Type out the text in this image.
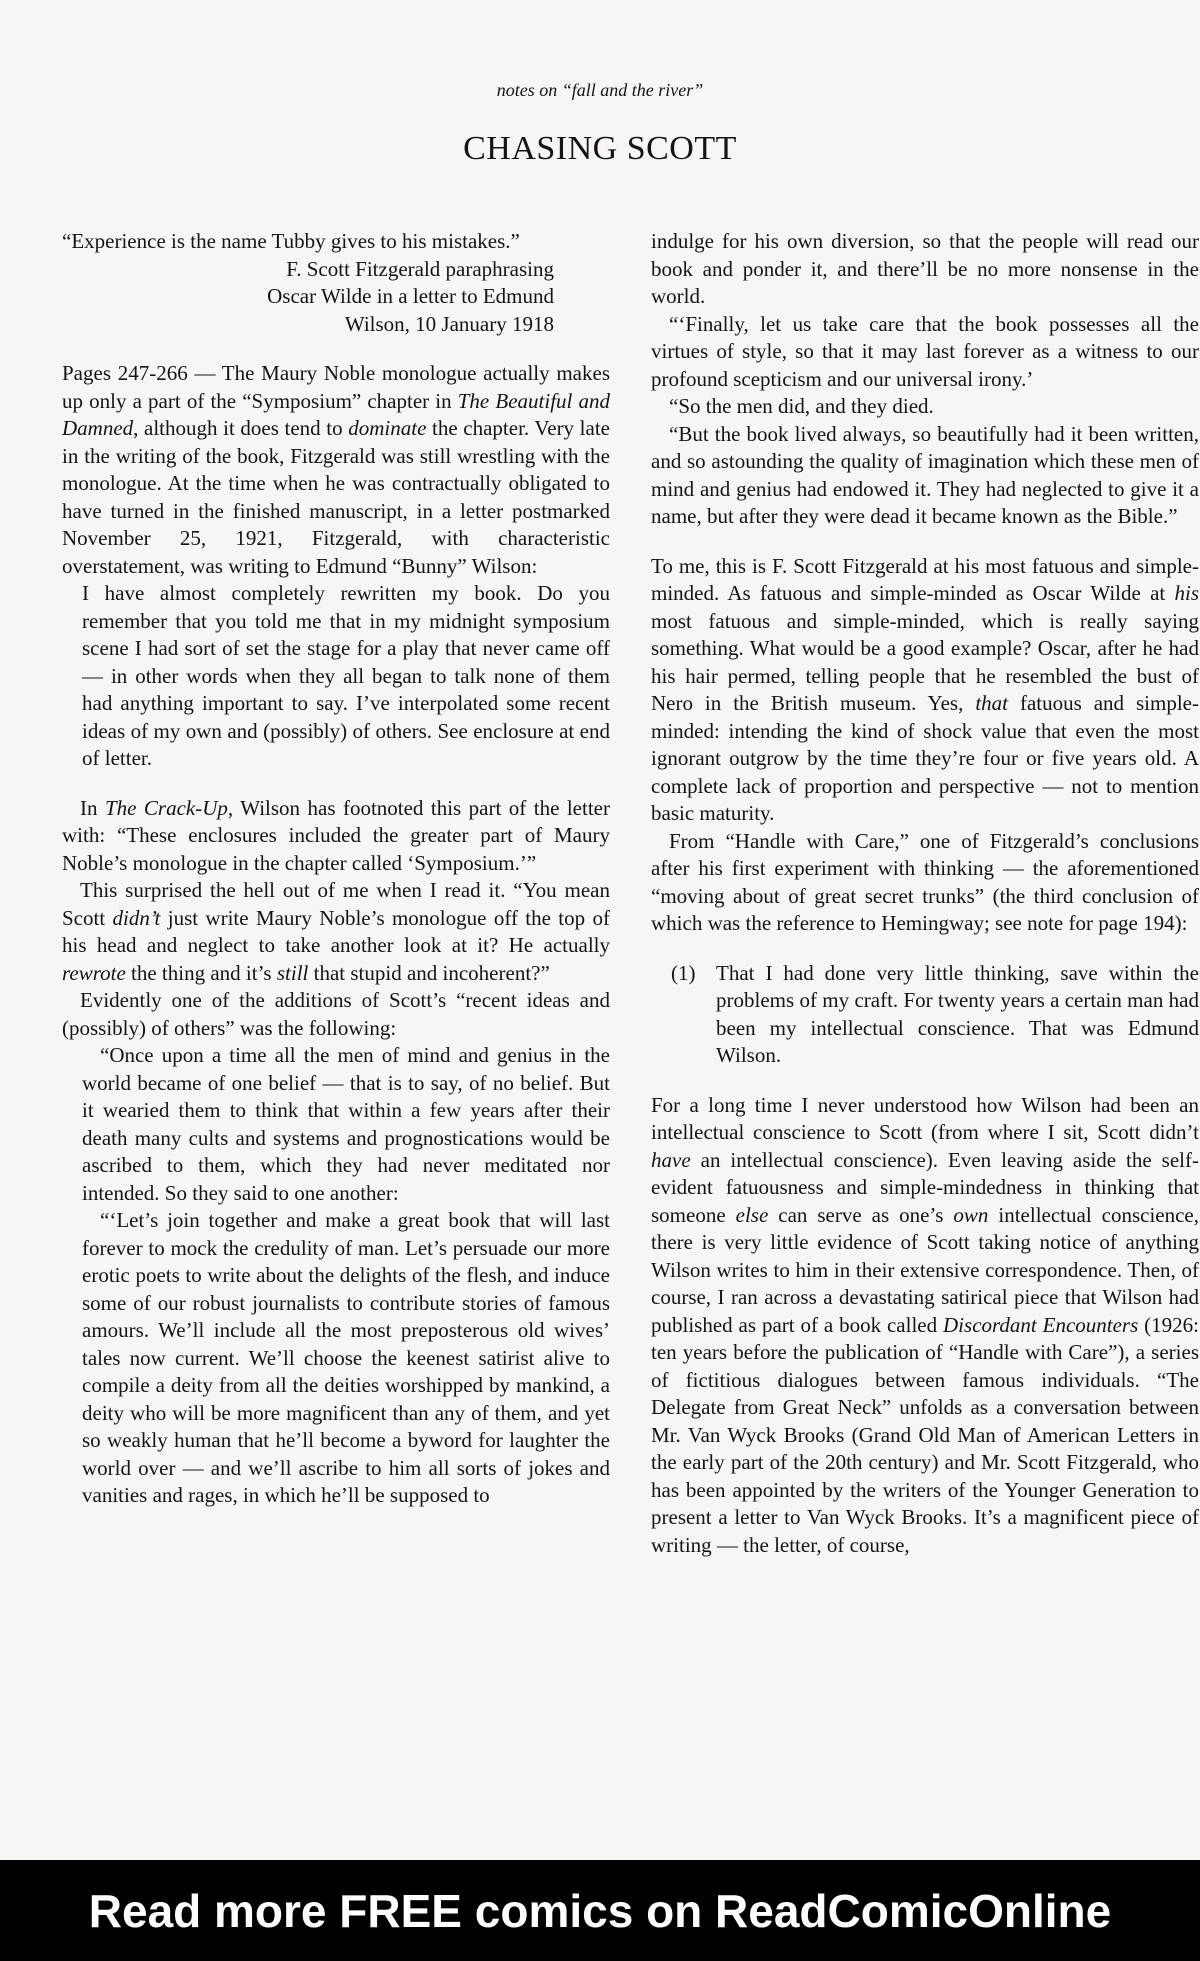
notes on “fall and the river”
CHASING SCOTT

“Experience is the name Tubby gives to his mistakes.”

F. Scott Fitzgerald paraphrasing

Oscar Wilde in a letter to Edmund

Wilson, 10 January 1918

Pages 247-266 — The Maury Noble monologue actually makes up only a part of the “Symposium” chapter in The Beautiful and Damned, although it does tend to dominate the chapter. Very late in the writing of the book, Fitzgerald was still wrestling with the monologue. At the time when he was contractually obligated to have turned in the finished manuscript, in a letter postmarked November 25, 1921, Fitzgerald, with characteristic overstatement, was writing to Edmund “Bunny” Wilson:

I have almost completely rewritten my book. Do you remember that you told me that in my midnight symposium scene I had sort of set the stage for a play that never came off — in other words when they all began to talk none of them had anything important to say. I’ve interpolated some recent ideas of my own and (possibly) of others. See enclosure at end of letter.

In The Crack-Up, Wilson has footnoted this part of the letter with: “These enclosures included the greater part of Maury Noble’s monologue in the chapter called ‘Symposium.’”

This surprised the hell out of me when I read it. “You mean Scott didn’t just write Maury Noble’s monologue off the top of his head and neglect to take another look at it? He actually rewrote the thing and it’s still that stupid and incoherent?”

Evidently one of the additions of Scott’s “recent ideas and (possibly) of others” was the following:

“Once upon a time all the men of mind and genius in the world became of one belief — that is to say, of no belief. But it wearied them to think that within a few years after their death many cults and systems and prognostications would be ascribed to them, which they had never meditated nor intended. So they said to one another:

“‘Let’s join together and make a great book that will last forever to mock the credulity of man. Let’s persuade our more erotic poets to write about the delights of the flesh, and induce some of our robust journalists to contribute stories of famous amours. We’ll include all the most preposterous old wives’ tales now current. We’ll choose the keenest satirist alive to compile a deity from all the deities worshipped by mankind, a deity who will be more magnificent than any of them, and yet so weakly human that he’ll become a byword for laughter the world over — and we’ll ascribe to him all sorts of jokes and vanities and rages, in which he’ll be supposed to

indulge for his own diversion, so that the people will read our book and ponder it, and there’ll be no more nonsense in the world.

“‘Finally, let us take care that the book possesses all the virtues of style, so that it may last forever as a witness to our profound scepticism and our universal irony.’

“So the men did, and they died.

“But the book lived always, so beautifully had it been written, and so astounding the quality of imagination which these men of mind and genius had endowed it. They had neglected to give it a name, but after they were dead it became known as the Bible.”

To me, this is F. Scott Fitzgerald at his most fatuous and simple-minded. As fatuous and simple-minded as Oscar Wilde at his most fatuous and simple-minded, which is really saying something. What would be a good example? Oscar, after he had his hair permed, telling people that he resembled the bust of Nero in the British museum. Yes, that fatuous and simple-minded: intending the kind of shock value that even the most ignorant outgrow by the time they’re four or five years old. A complete lack of proportion and perspective — not to mention basic maturity.

From “Handle with Care,” one of Fitzgerald’s conclusions after his first experiment with thinking — the aforementioned “moving about of great secret trunks” (the third conclusion of which was the reference to Hemingway; see note for page 194):

(1) That I had done very little thinking, save within the problems of my craft. For twenty years a certain man had been my intellectual conscience. That was Edmund Wilson.

For a long time I never understood how Wilson had been an intellectual conscience to Scott (from where I sit, Scott didn’t have an intellectual conscience). Even leaving aside the self-evident fatuousness and simple-mindedness in thinking that someone else can serve as one’s own intellectual conscience, there is very little evidence of Scott taking notice of anything Wilson writes to him in their extensive correspondence. Then, of course, I ran across a devastating satirical piece that Wilson had published as part of a book called Discordant Encounters (1926: ten years before the publication of “Handle with Care”), a series of fictitious dialogues between famous individuals. “The Delegate from Great Neck” unfolds as a conversation between Mr. Van Wyck Brooks (Grand Old Man of American Letters in the early part of the 20th century) and Mr. Scott Fitzgerald, who has been appointed by the writers of the Younger Generation to present a letter to Van Wyck Brooks. It’s a magnificent piece of writing — the letter, of course,

Read more FREE comics on ReadComicOnline
